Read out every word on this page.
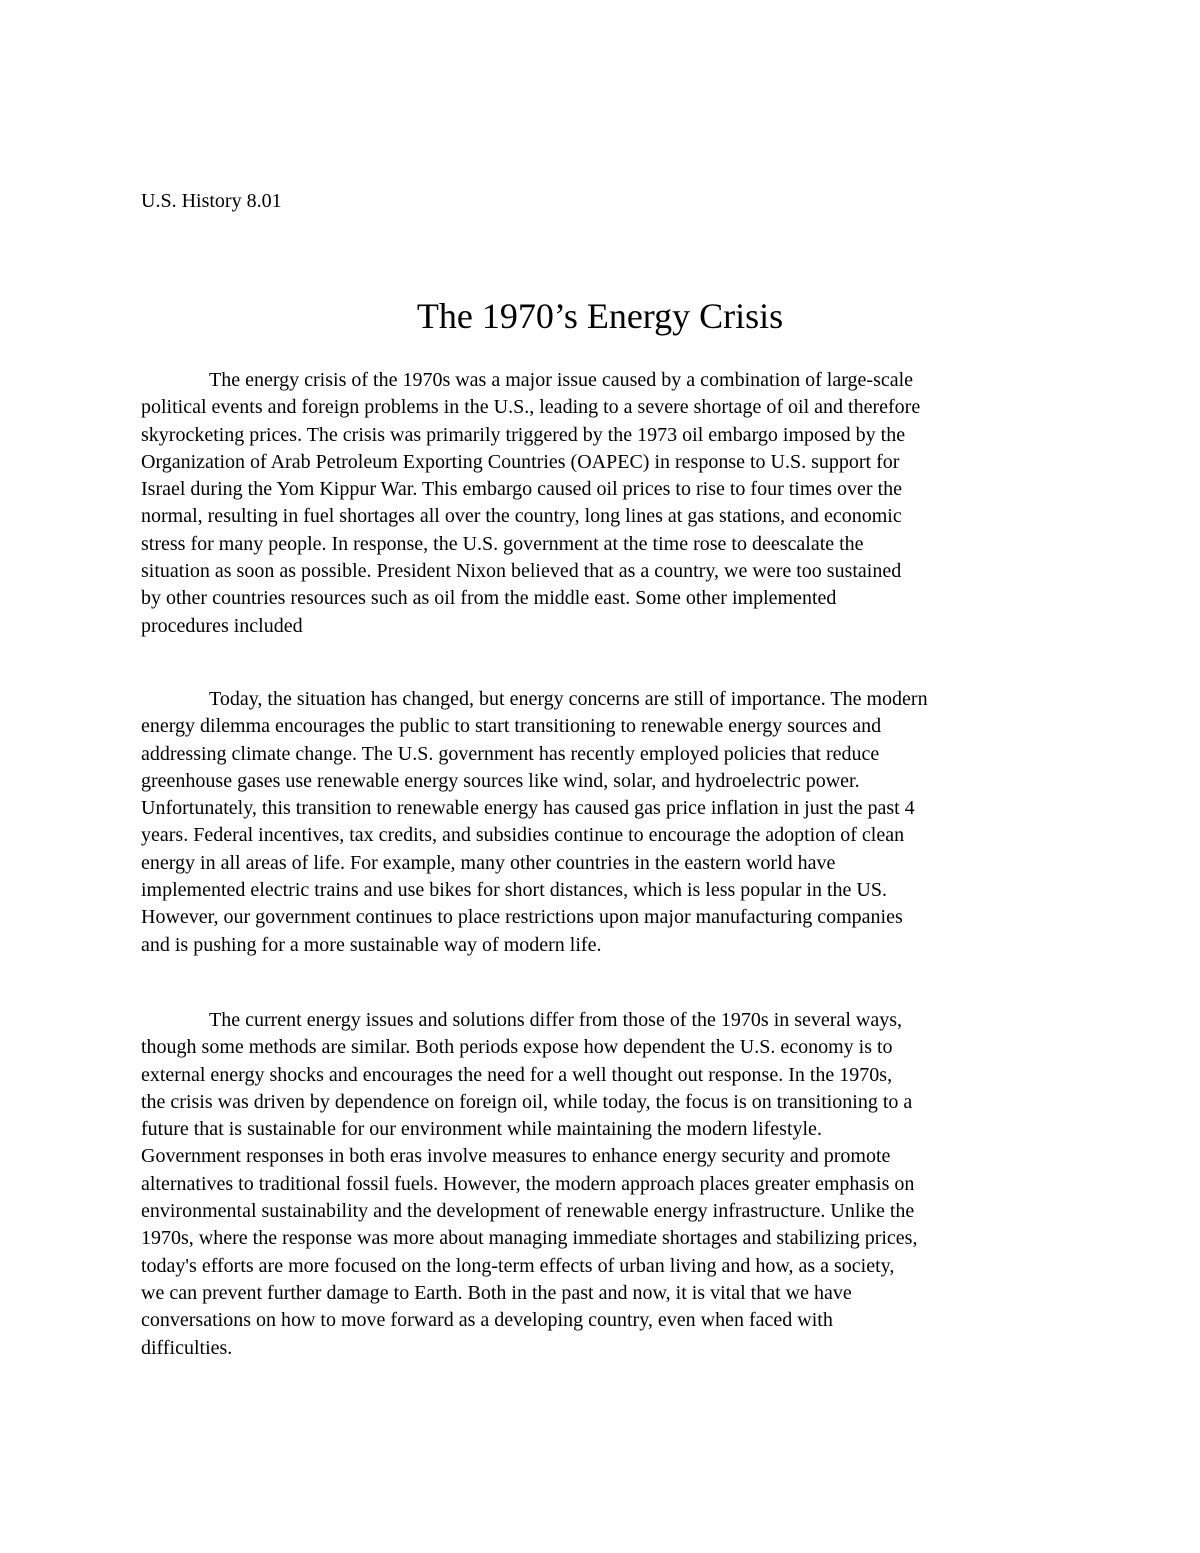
U.S. History 8.01
The 1970’s Energy Crisis
The energy crisis of the 1970s was a major issue caused by a combination of large-scale
political events and foreign problems in the U.S., leading to a severe shortage of oil and therefore
skyrocketing prices. The crisis was primarily triggered by the 1973 oil embargo imposed by the
Organization of Arab Petroleum Exporting Countries (OAPEC) in response to U.S. support for
Israel during the Yom Kippur War. This embargo caused oil prices to rise to four times over the
normal, resulting in fuel shortages all over the country, long lines at gas stations, and economic
stress for many people. In response, the U.S. government at the time rose to deescalate the
situation as soon as possible. President Nixon believed that as a country, we were too sustained
by other countries resources such as oil from the middle east. Some other implemented
procedures included
Today, the situation has changed, but energy concerns are still of importance. The modern
energy dilemma encourages the public to start transitioning to renewable energy sources and
addressing climate change. The U.S. government has recently employed policies that reduce
greenhouse gases use renewable energy sources like wind, solar, and hydroelectric power.
Unfortunately, this transition to renewable energy has caused gas price inflation in just the past 4
years. Federal incentives, tax credits, and subsidies continue to encourage the adoption of clean
energy in all areas of life. For example, many other countries in the eastern world have
implemented electric trains and use bikes for short distances, which is less popular in the US.
However, our government continues to place restrictions upon major manufacturing companies
and is pushing for a more sustainable way of modern life.
The current energy issues and solutions differ from those of the 1970s in several ways,
though some methods are similar. Both periods expose how dependent the U.S. economy is to
external energy shocks and encourages the need for a well thought out response. In the 1970s,
the crisis was driven by dependence on foreign oil, while today, the focus is on transitioning to a
future that is sustainable for our environment while maintaining the modern lifestyle.
Government responses in both eras involve measures to enhance energy security and promote
alternatives to traditional fossil fuels. However, the modern approach places greater emphasis on
environmental sustainability and the development of renewable energy infrastructure. Unlike the
1970s, where the response was more about managing immediate shortages and stabilizing prices,
today's efforts are more focused on the long-term effects of urban living and how, as a society,
we can prevent further damage to Earth. Both in the past and now, it is vital that we have
conversations on how to move forward as a developing country, even when faced with
difficulties.
